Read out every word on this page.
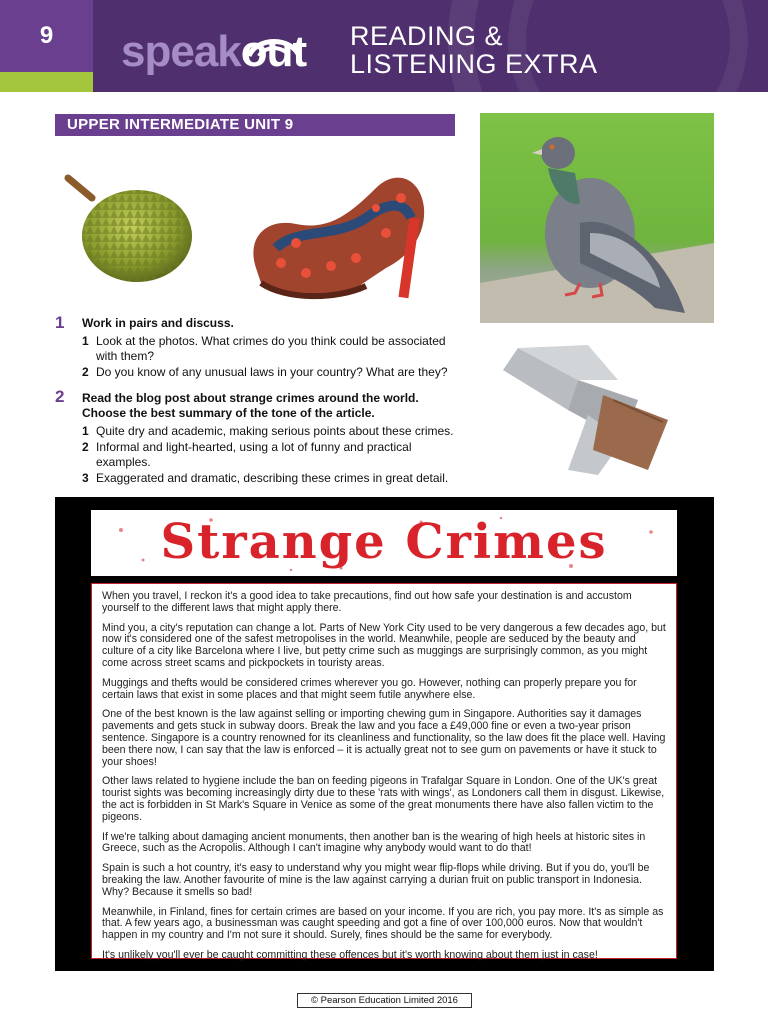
9	speakout READING &
LISTENING EXTRA
UPPER INTERMEDIATE UNIT 9
1 Work in pairs and discuss.
1 Look at the photos. What crimes do you think could be associated
with them?
2 Do you know of any unusual laws in your country? What are they?
2 Read the blog post about strange crimes around the world.
Choose the best summary of the tone of the article.
1 Quite dry and academic, making serious points about these crimes.
2 Informal and light-hearted, using a lot of funny and practical
examples.
3 Exaggerated and dramatic, describing these crimes in great detail.
Strange Crimes

When you travel, I reckon it's a good idea to take precautions, find out how safe your destination is and accustom yourself to the different laws that might apply there.

Mind you, a city's reputation can change a lot. Parts of New York City used to be very dangerous a few decades ago, but now it's considered one of the safest metropolises in the world. Meanwhile, people are seduced by the beauty and culture of a city like Barcelona where I live, but petty crime such as muggings are surprisingly common, as you might come across street scams and pickpockets in touristy areas.

Muggings and thefts would be considered crimes wherever you go. However, nothing can properly prepare you for certain laws that exist in some places and that might seem futile anywhere else.

One of the best known is the law against selling or importing chewing gum in Singapore. Authorities say it damages pavements and gets stuck in subway doors. Break the law and you face a £49,000 fine or even a two-year prison sentence. Singapore is a country renowned for its cleanliness and functionality, so the law does fit the place well. Having been there now, I can say that the law is enforced – it is actually great not to see gum on pavements or have it stuck to your shoes!

Other laws related to hygiene include the ban on feeding pigeons in Trafalgar Square in London. One of the UK's great tourist sights was becoming increasingly dirty due to these 'rats with wings', as Londoners call them in disgust. Likewise, the act is forbidden in St Mark's Square in Venice as some of the great monuments there have also fallen victim to the pigeons.

If we're talking about damaging ancient monuments, then another ban is the wearing of high heels at historic sites in Greece, such as the Acropolis. Although I can't imagine why anybody would want to do that!

Spain is such a hot country, it's easy to understand why you might wear flip-flops while driving. But if you do, you'll be breaking the law. Another favourite of mine is the law against carrying a durian fruit on public transport in Indonesia. Why? Because it smells so bad!

Meanwhile, in Finland, fines for certain crimes are based on your income. If you are rich, you pay more. It's as simple as that. A few years ago, a businessman was caught speeding and got a fine of over 100,000 euros. Now that wouldn't happen in my country and I'm not sure it should. Surely, fines should be the same for everybody.

It's unlikely you'll ever be caught committing these offences but it's worth knowing about them just in case!

© Pearson Education Limited 2016
